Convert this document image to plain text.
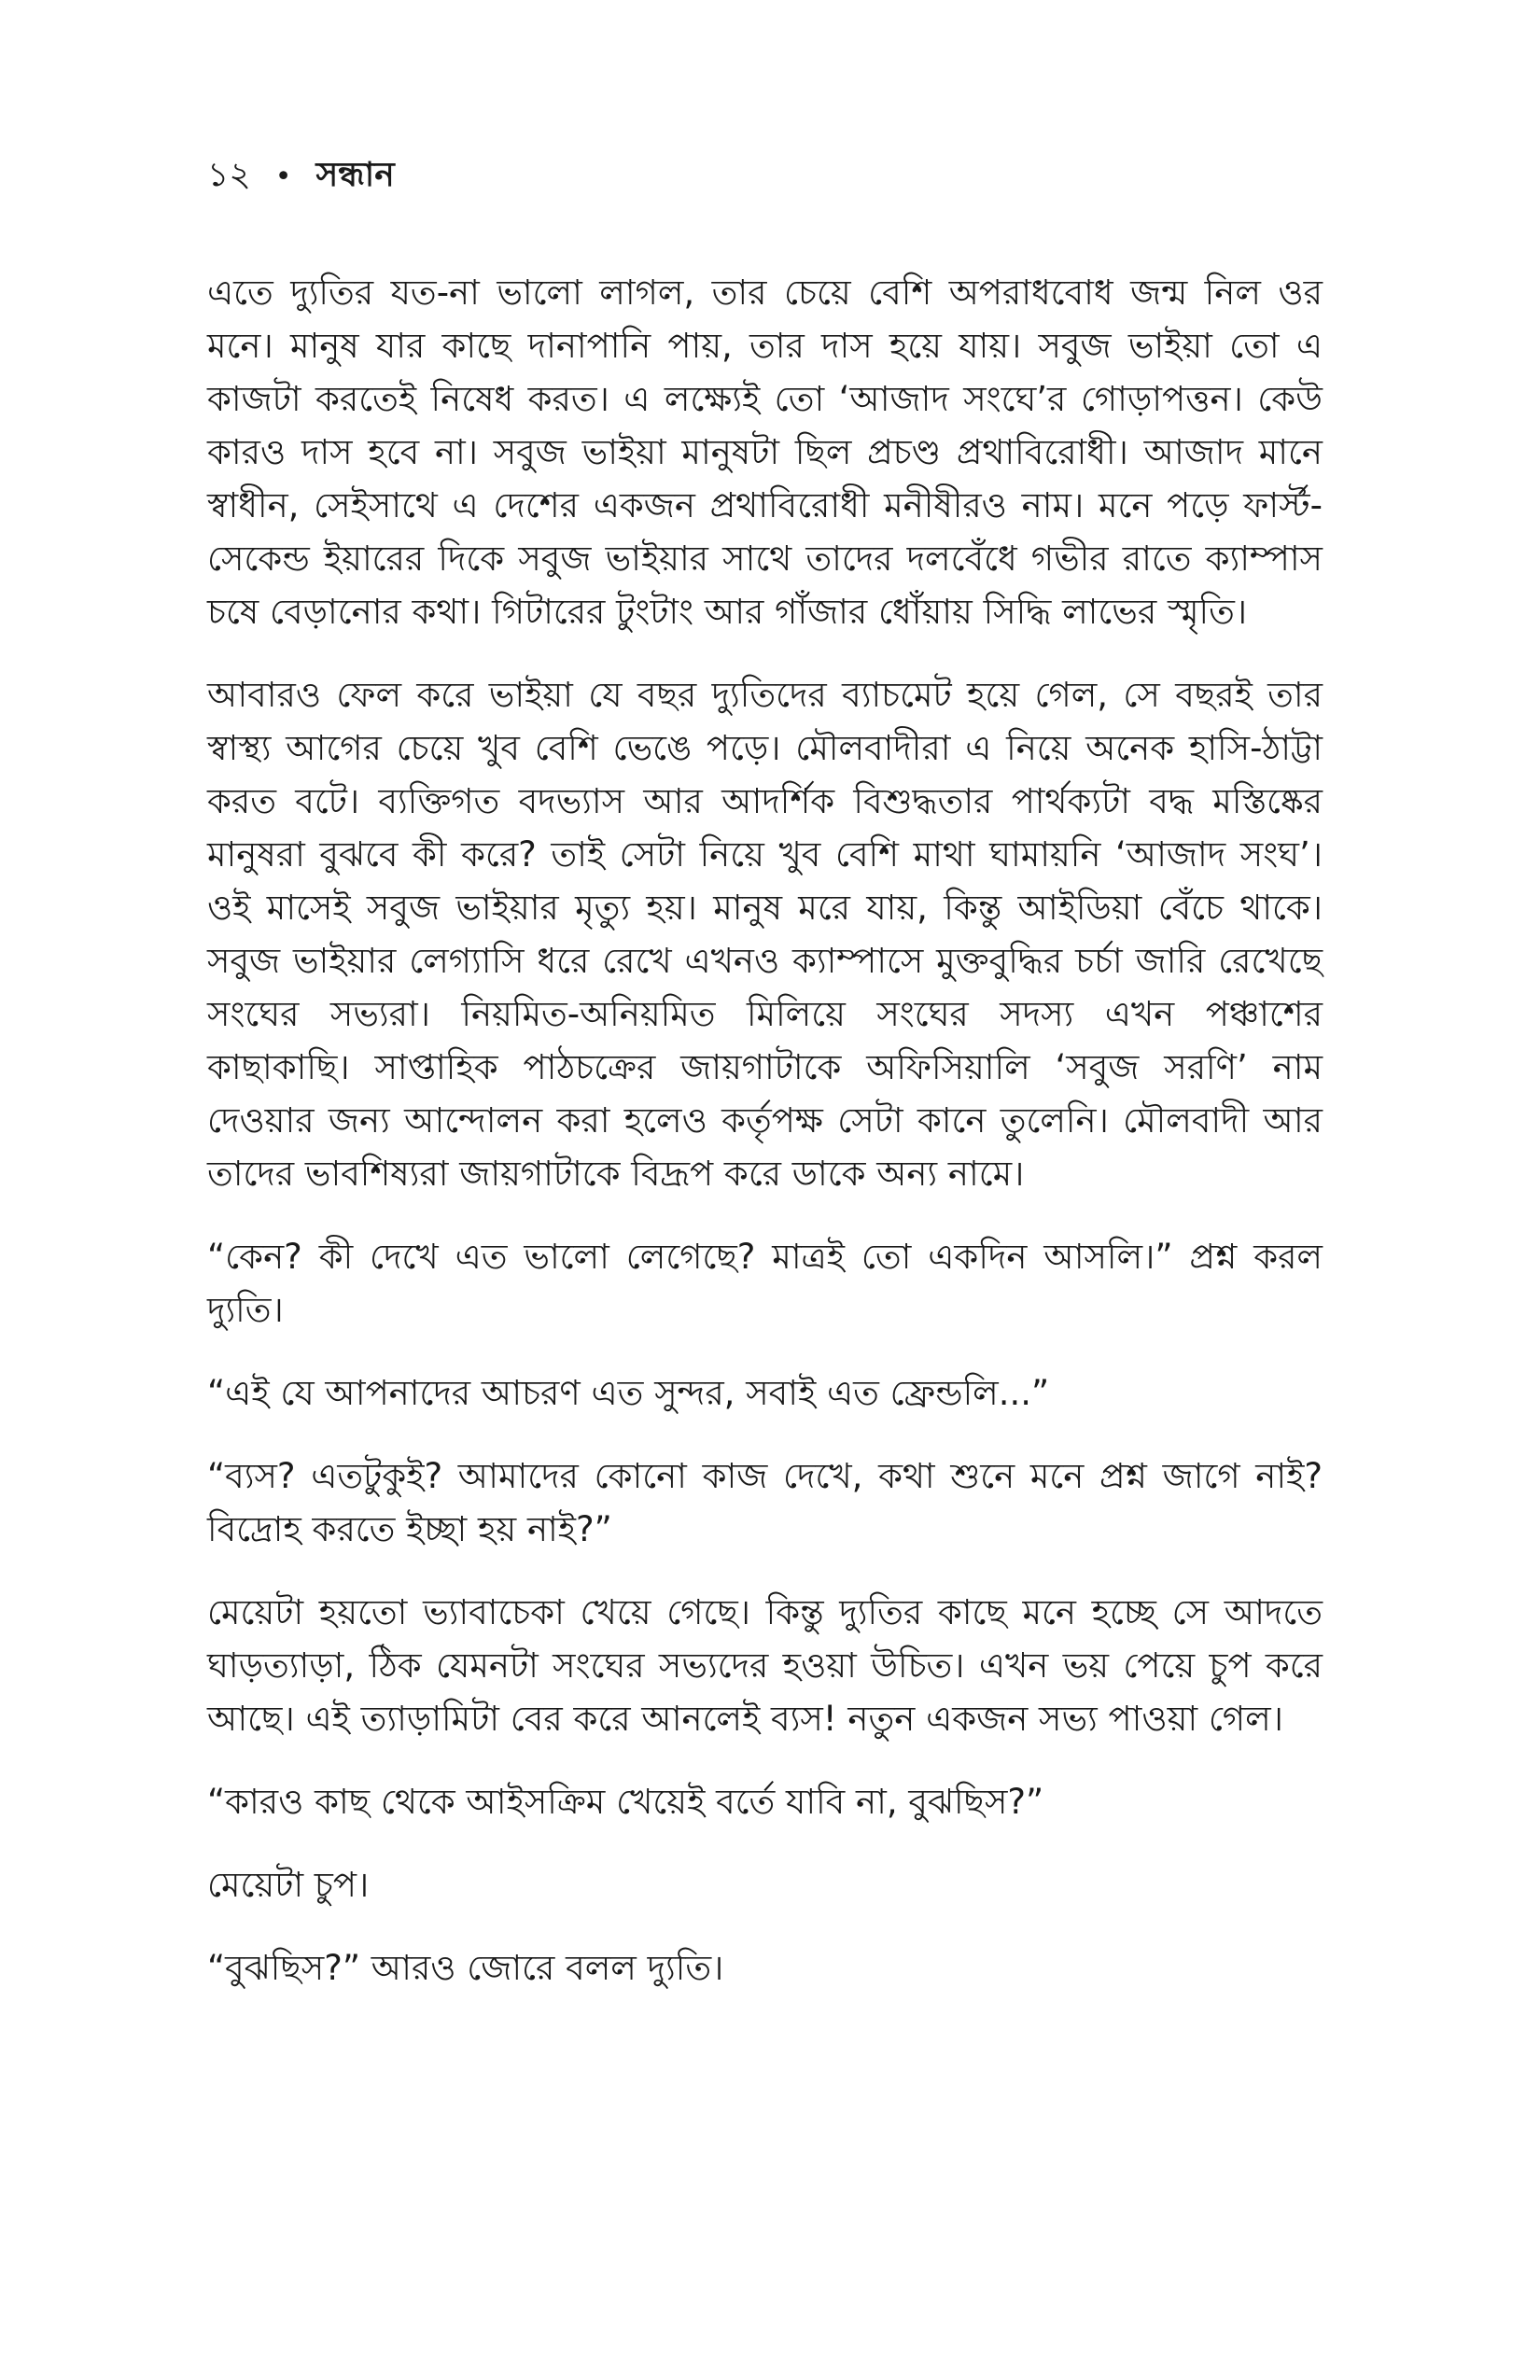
১২ • সন্ধান

এতে দ্যুতির যত-না ভালো লাগল, তার চেয়ে বেশি অপরাধবোধ জন্ম নিল ওর মনে। মানুষ যার কাছে দানাপানি পায়, তার দাস হয়ে যায়। সবুজ ভাইয়া তো এ কাজটা করতেই নিষেধ করত। এ লক্ষ্যেই তো ‘আজাদ সংঘে’র গোড়াপত্তন। কেউ কারও দাস হবে না। সবুজ ভাইয়া মানুষটা ছিল প্রচণ্ড প্রথাবিরোধী। আজাদ মানে স্বাধীন, সেইসাথে এ দেশের একজন প্রথাবিরোধী মনীষীরও নাম। মনে পড়ে ফার্স্ট-সেকেন্ড ইয়ারের দিকে সবুজ ভাইয়ার সাথে তাদের দলবেঁধে গভীর রাতে ক্যাম্পাস চষে বেড়ানোর কথা। গিটারের টুংটাং আর গাঁজার ধোঁয়ায় সিদ্ধি লাভের স্মৃতি।

আবারও ফেল করে ভাইয়া যে বছর দ্যুতিদের ব্যাচমেট হয়ে গেল, সে বছরই তার স্বাস্থ্য আগের চেয়ে খুব বেশি ভেঙে পড়ে। মৌলবাদীরা এ নিয়ে অনেক হাসি-ঠাট্টা করত বটে। ব্যক্তিগত বদভ্যাস আর আদর্শিক বিশুদ্ধতার পার্থক্যটা বদ্ধ মস্তিষ্কের মানুষরা বুঝবে কী করে? তাই সেটা নিয়ে খুব বেশি মাথা ঘামায়নি ‘আজাদ সংঘ’। ওই মাসেই সবুজ ভাইয়ার মৃত্যু হয়। মানুষ মরে যায়, কিন্তু আইডিয়া বেঁচে থাকে। সবুজ ভাইয়ার লেগ্যাসি ধরে রেখে এখনও ক্যাম্পাসে মুক্তবুদ্ধির চর্চা জারি রেখেছে সংঘের সভ্যরা। নিয়মিত-অনিয়মিত মিলিয়ে সংঘের সদস্য এখন পঞ্চাশের কাছাকাছি। সাপ্তাহিক পাঠচক্রের জায়গাটাকে অফিসিয়ালি ‘সবুজ সরণি’ নাম দেওয়ার জন্য আন্দোলন করা হলেও কর্তৃপক্ষ সেটা কানে তুলেনি। মৌলবাদী আর তাদের ভাবশিষ্যরা জায়গাটাকে বিদ্রূপ করে ডাকে অন্য নামে।

“কেন? কী দেখে এত ভালো লেগেছে? মাত্রই তো একদিন আসলি।” প্রশ্ন করল দ্যুতি।

“এই যে আপনাদের আচরণ এত সুন্দর, সবাই এত ফ্রেন্ডলি...”

“ব্যস? এতটুকুই? আমাদের কোনো কাজ দেখে, কথা শুনে মনে প্রশ্ন জাগে নাই? বিদ্রোহ করতে ইচ্ছা হয় নাই?”

মেয়েটা হয়তো ভ্যাবাচেকা খেয়ে গেছে। কিন্তু দ্যুতির কাছে মনে হচ্ছে সে আদতে ঘাড়ত্যাড়া, ঠিক যেমনটা সংঘের সভ্যদের হওয়া উচিত। এখন ভয় পেয়ে চুপ করে আছে। এই ত্যাড়ামিটা বের করে আনলেই ব্যস! নতুন একজন সভ্য পাওয়া গেল।

“কারও কাছ থেকে আইসক্রিম খেয়েই বর্তে যাবি না, বুঝছিস?”

মেয়েটা চুপ।

“বুঝছিস?” আরও জোরে বলল দ্যুতি।
